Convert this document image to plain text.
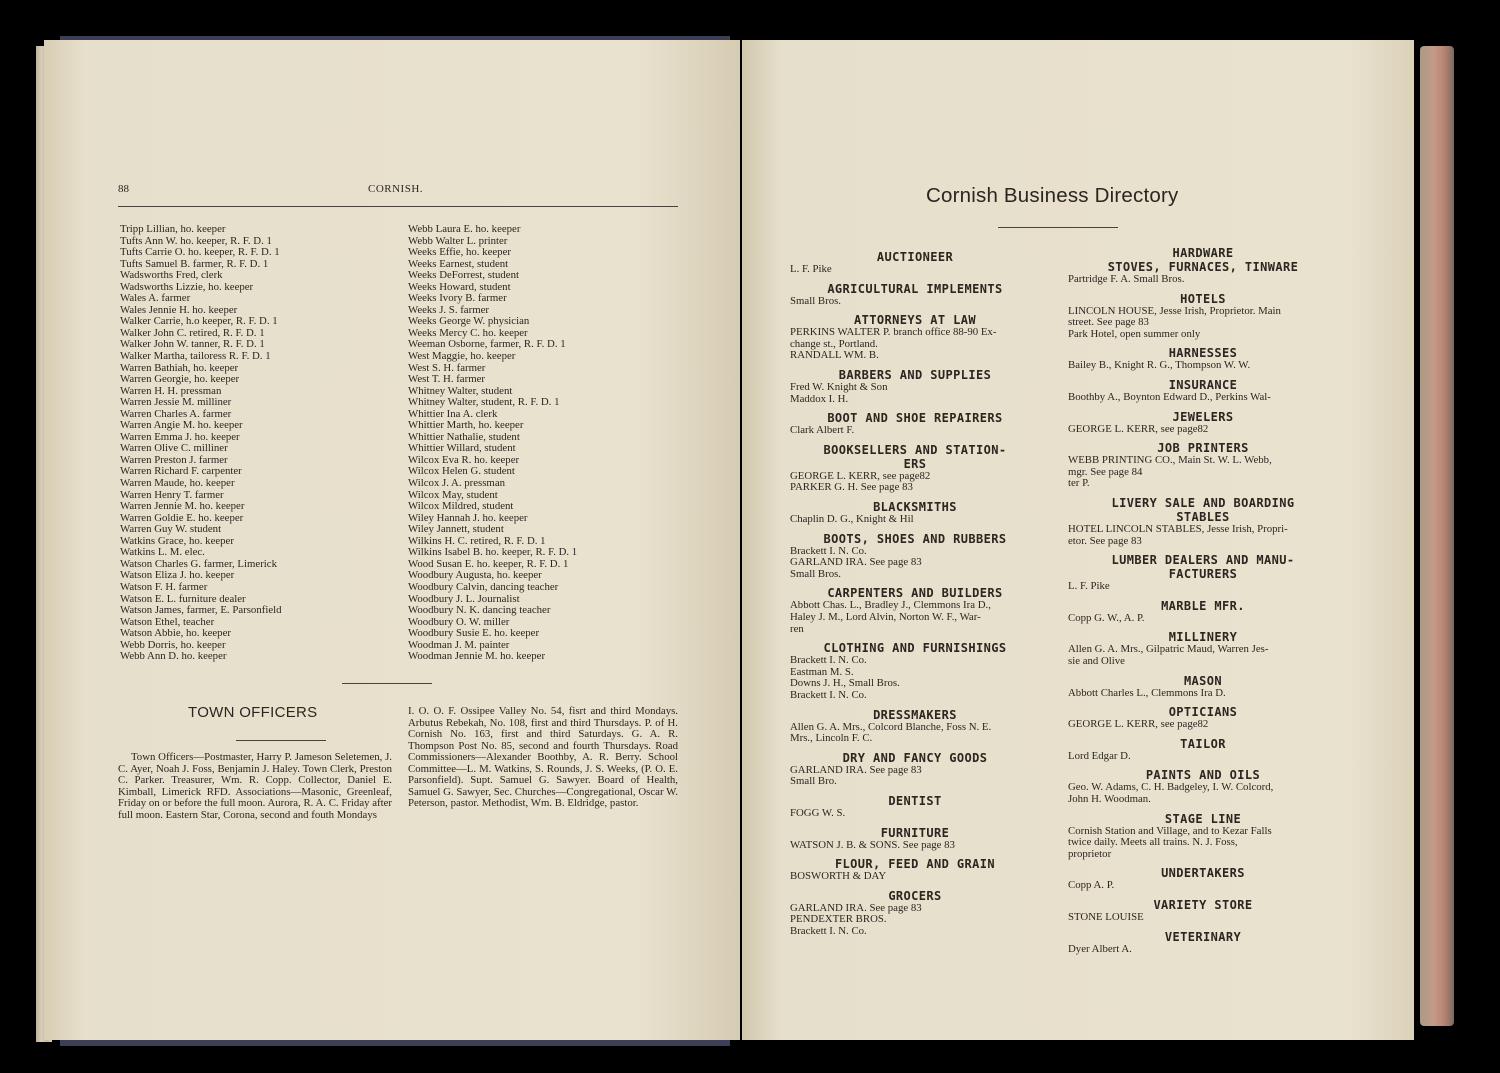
88	CORNISH.
Tripp Lillian, ho. keeper
Tufts Ann W. ho. keeper, R. F. D. 1
Tufts Carrie O. ho. keeper, R. F. D. 1
Tufts Samuel B. farmer, R. F. D. 1
Wadsworths Fred, clerk
Wadsworths Lizzie, ho. keeper
Wales A. farmer
Wales Jennie H. ho. keeper
Walker Carrie, h.o keeper, R. F. D. 1
Walker John C. retired, R. F. D. 1
Walker John W. tanner, R. F. D. 1
Walker Martha, tailoress R. F. D. 1
Warren Bathiah, ho. keeper
Warren Georgie, ho. keeper
Warren H. H. pressman
Warren Jessie M. milliner
Warren Charles A. farmer
Warren Angie M. ho. keeper
Warren Emma J. ho. keeper
Warren Olive C. milliner
Warren Preston J. farmer
Warren Richard F. carpenter
Warren Maude, ho. keeper
Warren Henry T. farmer
Warren Jennie M. ho. keeper
Warren Goldie E. ho. keeper
Warren Guy W. student
Watkins Grace, ho. keeper
Watkins L. M. elec.
Watson Charles G. farmer, Limerick
Watson Eliza J. ho. keeper
Watson F. H. farmer
Watson E. L. furniture dealer
Watson James, farmer, E. Parsonfield
Watson Ethel, teacher
Watson Abbie, ho. keeper
Webb Dorris, ho. keeper
Webb Ann D. ho. keeper
Webb Laura E. ho. keeper
Webb Walter L. printer
Weeks Effie, ho. keeper
Weeks Earnest, student
Weeks DeForrest, student
Weeks Howard, student
Weeks Ivory B. farmer
Weeks J. S. farmer
Weeks George W. physician
Weeks Mercy C. ho. keeper
Weeman Osborne, farmer, R. F. D. 1
West Maggie, ho. keeper
West S. H. farmer
West T. H. farmer
Whitney Walter, student
Whitney Walter, student, R. F. D. 1
Whittier Ina A. clerk
Whittier Marth, ho. keeper
Whittier Nathalie, student
Whittier Willard, student
Wilcox Eva R. ho. keeper
Wilcox Helen G. student
Wilcox J. A. pressman
Wilcox May, student
Wilcox Mildred, student
Wiley Hannah J. ho. keeper
Wiley Jannett, student
Wilkins H. C. retired, R. F. D. 1
Wilkins Isabel B. ho. keeper, R. F. D. 1
Wood Susan E. ho. keeper, R. F. D. 1
Woodbury Augusta, ho. keeper
Woodbury Calvin, dancing teacher
Woodbury J. L. Journalist
Woodbury N. K. dancing teacher
Woodbury O. W. miller
Woodbury Susie E. ho. keeper
Woodman J. M. painter
Woodman Jennie M. ho. keeper
TOWN OFFICERS

Town Officers—Postmaster, Harry P. Jameson Seletemen, J. C. Ayer, Noah J. Foss, Benjamin J. Haley. Town Clerk, Preston C. Parker. Treasurer, Wm. R. Copp. Collector, Daniel E. Kimball, Limerick RFD. Associations—Masonic, Greenleaf, Friday on or before the full moon. Aurora, R. A. C. Friday after full moon. Eastern Star, Corona, second and fouth Mondays

I. O. O. F. Ossipee Valley No. 54, fisrt and third Mondays. Arbutus Rebekah, No. 108, first and third Thursdays. P. of H. Cornish No. 163, first and third Saturdays. G. A. R. Thompson Post No. 85, second and fourth Thursdays. Road Commissioners—Alexander Boothby, A. R. Berry. School Committee—L. M. Watkins, S. Rounds, J. S. Weeks, (P. O. E. Parsonfield). Supt. Samuel G. Sawyer. Board of Health, Samuel G. Sawyer, Sec. Churches—Congregational, Oscar W. Peterson, pastor. Methodist, Wm. B. Eldridge, pastor.

Cornish Business Directory
AUCTIONEER
L. F. Pike
AGRICULTURAL IMPLEMENTS
Small Bros.
ATTORNEYS AT LAW
PERKINS WALTER P. branch office 88-90 Ex-
change st., Portland.
RANDALL WM. B.
BARBERS AND SUPPLIES
Fred W. Knight & Son
Maddox I. H.
BOOT AND SHOE REPAIRERS
Clark Albert F.
BOOKSELLERS AND STATION-
ERS
GEORGE L. KERR, see page82
PARKER G. H. See page 83
BLACKSMITHS
Chaplin D. G., Knight & Hil
BOOTS, SHOES AND RUBBERS
Brackett I. N. Co.
GARLAND IRA. See page 83
Small Bros.
CARPENTERS AND BUILDERS
Abbott Chas. L., Bradley J., Clemmons Ira D.,
Haley J. M., Lord Alvin, Norton W. F., War-
ren
CLOTHING AND FURNISHINGS
Brackett I. N. Co.
Eastman M. S.
Downs J. H., Small Bros.
Brackett I. N. Co.
DRESSMAKERS
Allen G. A. Mrs., Colcord Blanche, Foss N. E.
Mrs., Lincoln F. C.
DRY AND FANCY GOODS
GARLAND IRA. See page 83
Small Bro.
DENTIST
FOGG W. S.
FURNITURE
WATSON J. B. & SONS. See page 83
FLOUR, FEED AND GRAIN
BOSWORTH & DAY
GROCERS
GARLAND IRA. See page 83
PENDEXTER BROS.
Brackett I. N. Co.
HARDWARE
STOVES, FURNACES, TINWARE
Partridge F. A. Small Bros.
HOTELS
LINCOLN HOUSE, Jesse Irish, Proprietor. Main
street. See page 83
Park Hotel, open summer only
HARNESSES
Bailey B., Knight R. G., Thompson W. W.
INSURANCE
Boothby A., Boynton Edward D., Perkins Wal-
JEWELERS
GEORGE L. KERR, see page82
JOB PRINTERS
WEBB PRINTING CO., Main St. W. L. Webb,
mgr. See page 84
ter P.
LIVERY SALE AND BOARDING
STABLES
HOTEL LINCOLN STABLES, Jesse Irish, Propri-
etor. See page 83
LUMBER DEALERS AND MANU-
FACTURERS
L. F. Pike
MARBLE MFR.
Copp G. W., A. P.
MILLINERY
Allen G. A. Mrs., Gilpatric Maud, Warren Jes-
sie and Olive
MASON
Abbott Charles L., Clemmons Ira D.
OPTICIANS
GEORGE L. KERR, see page82
TAILOR
Lord Edgar D.
PAINTS AND OILS
Geo. W. Adams, C. H. Badgeley, I. W. Colcord,
John H. Woodman.
STAGE LINE
Cornish Station and Village, and to Kezar Falls
twice daily. Meets all trains. N. J. Foss,
proprietor
UNDERTAKERS
Copp A. P.
VARIETY STORE
STONE LOUISE
VETERINARY
Dyer Albert A.
